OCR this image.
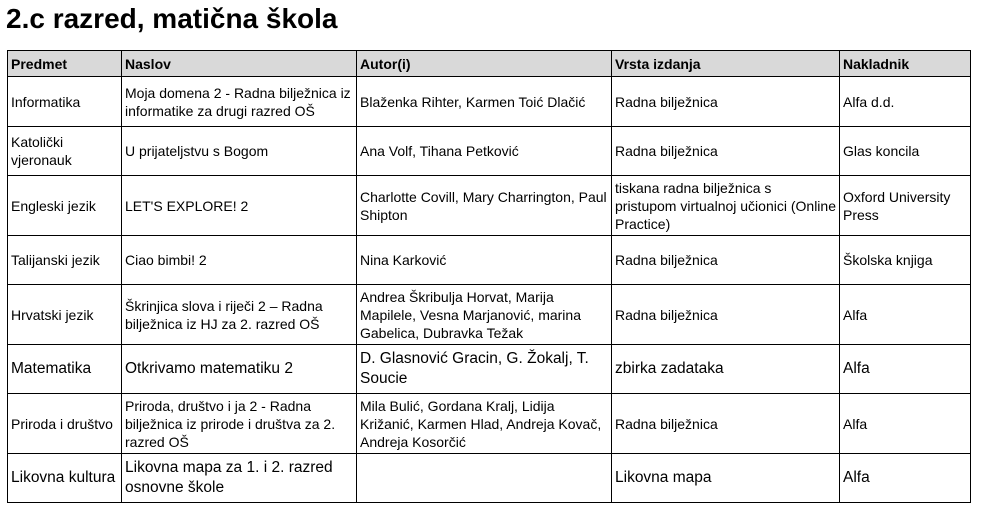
2.c razred, matična škola
Predmet	Naslov	Autor(i)	Vrsta izdanja	Nakladnik
Informatika	Moja domena 2 - Radna bilježnica iz informatike za drugi razred OŠ	Blaženka Rihter, Karmen Toić Dlačić	Radna bilježnica	Alfa d.d.
Katolički vjeronauk	U prijateljstvu s Bogom	Ana Volf, Tihana Petković	Radna bilježnica	Glas koncila
Engleski jezik	LET'S EXPLORE! 2	Charlotte Covill, Mary Charrington, Paul Shipton	tiskana radna bilježnica s pristupom virtualnoj učionici (Online Practice)	Oxford University Press
Talijanski jezik	Ciao bimbi! 2	Nina Karković	Radna bilježnica	Školska knjiga
Hrvatski jezik	Škrinjica slova i riječi 2 – Radna bilježnica iz HJ za 2. razred OŠ	Andrea Škribulja Horvat, Marija Mapilele, Vesna Marjanović, marina Gabelica, Dubravka Težak	Radna bilježnica	Alfa
Matematika	Otkrivamo matematiku 2	D. Glasnović Gracin, G. Žokalj, T. Soucie	zbirka zadataka	Alfa
Priroda i društvo	Priroda, društvo i ja 2 - Radna bilježnica iz prirode i društva za 2. razred OŠ	Mila Bulić, Gordana Kralj, Lidija Križanić, Karmen Hlad, Andreja Kovač, Andreja Kosorčić	Radna bilježnica	Alfa
Likovna kultura	Likovna mapa za 1. i 2. razred osnovne škole		Likovna mapa	Alfa
